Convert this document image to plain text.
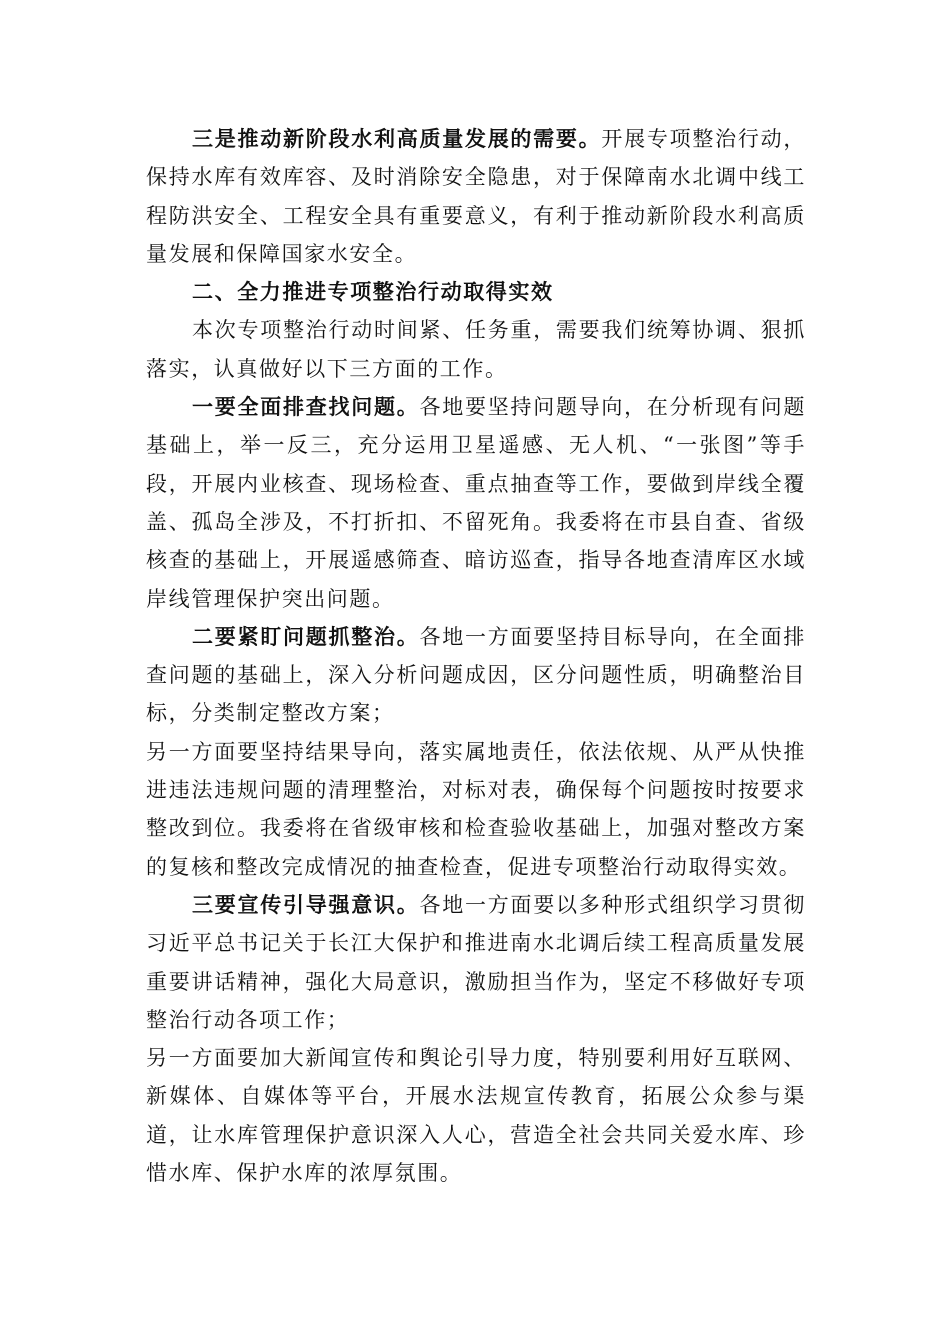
三是推动新阶段水利高质量发展的需要。开展专项整治行动，保持水库有效库容、及时消除安全隐患，对于保障南水北调中线工程防洪安全、工程安全具有重要意义，有利于推动新阶段水利高质量发展和保障国家水安全。

二、全力推进专项整治行动取得实效

本次专项整治行动时间紧、任务重，需要我们统筹协调、狠抓落实，认真做好以下三方面的工作。

一要全面排查找问题。各地要坚持问题导向，在分析现有问题基础上，举一反三，充分运用卫星遥感、无人机、“一张图”等手段，开展内业核查、现场检查、重点抽查等工作，要做到岸线全覆盖、孤岛全涉及，不打折扣、不留死角。我委将在市县自查、省级核查的基础上，开展遥感筛查、暗访巡查，指导各地查清库区水域岸线管理保护突出问题。

二要紧盯问题抓整治。各地一方面要坚持目标导向，在全面排查问题的基础上，深入分析问题成因，区分问题性质，明确整治目标，分类制定整改方案；

另一方面要坚持结果导向，落实属地责任，依法依规、从严从快推进违法违规问题的清理整治，对标对表，确保每个问题按时按要求整改到位。我委将在省级审核和检查验收基础上，加强对整改方案的复核和整改完成情况的抽查检查，促进专项整治行动取得实效。

三要宣传引导强意识。各地一方面要以多种形式组织学习贯彻习近平总书记关于长江大保护和推进南水北调后续工程高质量发展重要讲话精神，强化大局意识，激励担当作为，坚定不移做好专项整治行动各项工作；

另一方面要加大新闻宣传和舆论引导力度，特别要利用好互联网、新媒体、自媒体等平台，开展水法规宣传教育，拓展公众参与渠道，让水库管理保护意识深入人心，营造全社会共同关爱水库、珍惜水库、保护水库的浓厚氛围。
